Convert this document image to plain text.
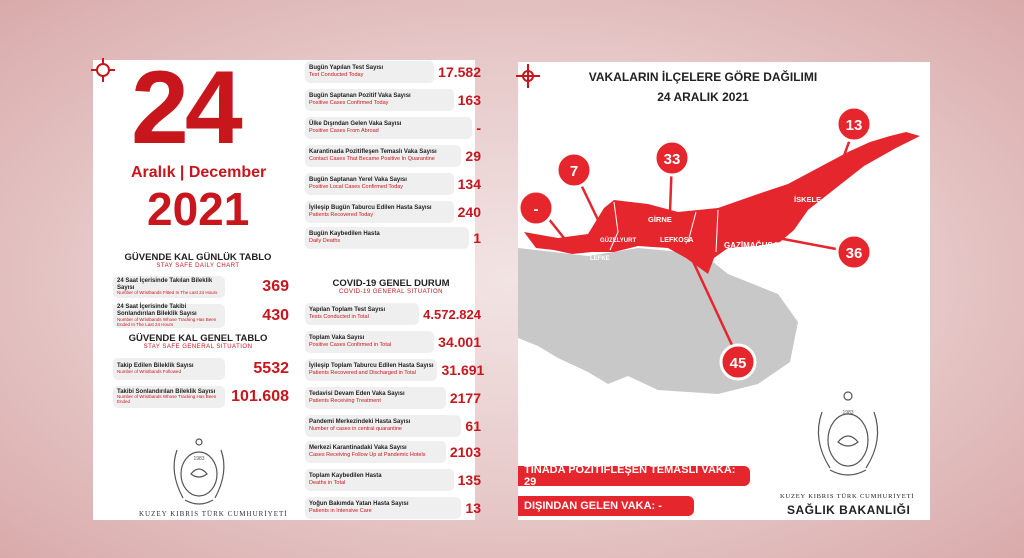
24
Aralık | December
2021
GÜVENDE KAL GÜNLÜK TABLO
STAY SAFE DAILY CHART
24 Saat İçerisinde Takılan Bileklik Sayısı
Number of Wristbands Fitted In The Last 24 Hours	369
24 Saat İçerisinde Takibi Sonlandırılan Bileklik Sayısı
Number of Wristbands Whose Tracking Has Been Ended In The Last 24 Hours
430
GÜVENDE KAL GENEL TABLO
STAY SAFE GENERAL SITUATION
Takip Edilen Bileklik Sayısı
Number of Wristbands Followed	5532
Takibi Sonlandırılan Bileklik Sayısı
Number of Wristbands Whose Tracking Has Been Ended	101.608
1983
KUZEY KIBRIS TÜRK CUMHURİYETİ
Bugün Yapılan Test Sayısı
Test Conducted Today	17.582
Bugün Saptanan Pozitif Vaka Sayısı
Positive Cases Confirmed Today	163
Ülke Dışından Gelen Vaka Sayısı
Positive Cases From Abroad	-
Karantinada Pozitifleşen Temaslı Vaka Sayısı
Contact Cases That Became Positive In Quarantine	29
Bugün Saptanan Yerel Vaka Sayısı
Positive Local Cases Confirmed Today	134
İyileşip Bugün Taburcu Edilen Hasta Sayısı
Patients Recovered Today	240
Bugün Kaybedilen Hasta
Daily Deaths	1
COVID-19 GENEL DURUM
COVID-19 GENERAL SITUATION
Yapılan Toplam Test Sayısı
Tests Conducted in Total	4.572.824
Toplam Vaka Sayısı
Positive Cases Confirmed in Total	34.001
İyileşip Toplam Taburcu Edilen Hasta Sayısı
Patients Recovered and Discharged in Total	31.691
Tedavisi Devam Eden Vaka Sayısı
Patients Receiving Treatment	2177
Pandemi Merkezindeki Hasta Sayısı
Number of cases in central quarantine	61
Merkezi Karantinadaki Vaka Sayısı
Cases Receiving Follow Up at Pandemic Hotels	2103
Toplam Kaybedilen Hasta
Deaths in Total	135
Yoğun Bakımda Yatan Hasta Sayısı
Patients in Intensive Care	13
VAKALARIN İLÇELERE GÖRE DAĞILIMI
24 ARALIK 2021
-
7
33
45
36
13
LEFKE
GÜZELYURT
GİRNE
LEFKOŞA
GAZİMAĞUSA
İSKELE
1983
TİNADA POZİTİFLEŞEN TEMASLI VAKA: 29
DIŞINDAN GELEN VAKA: -
KUZEY KIBRIS TÜRK CUMHURİYETİ
SAĞLIK BAKANLIĞI
